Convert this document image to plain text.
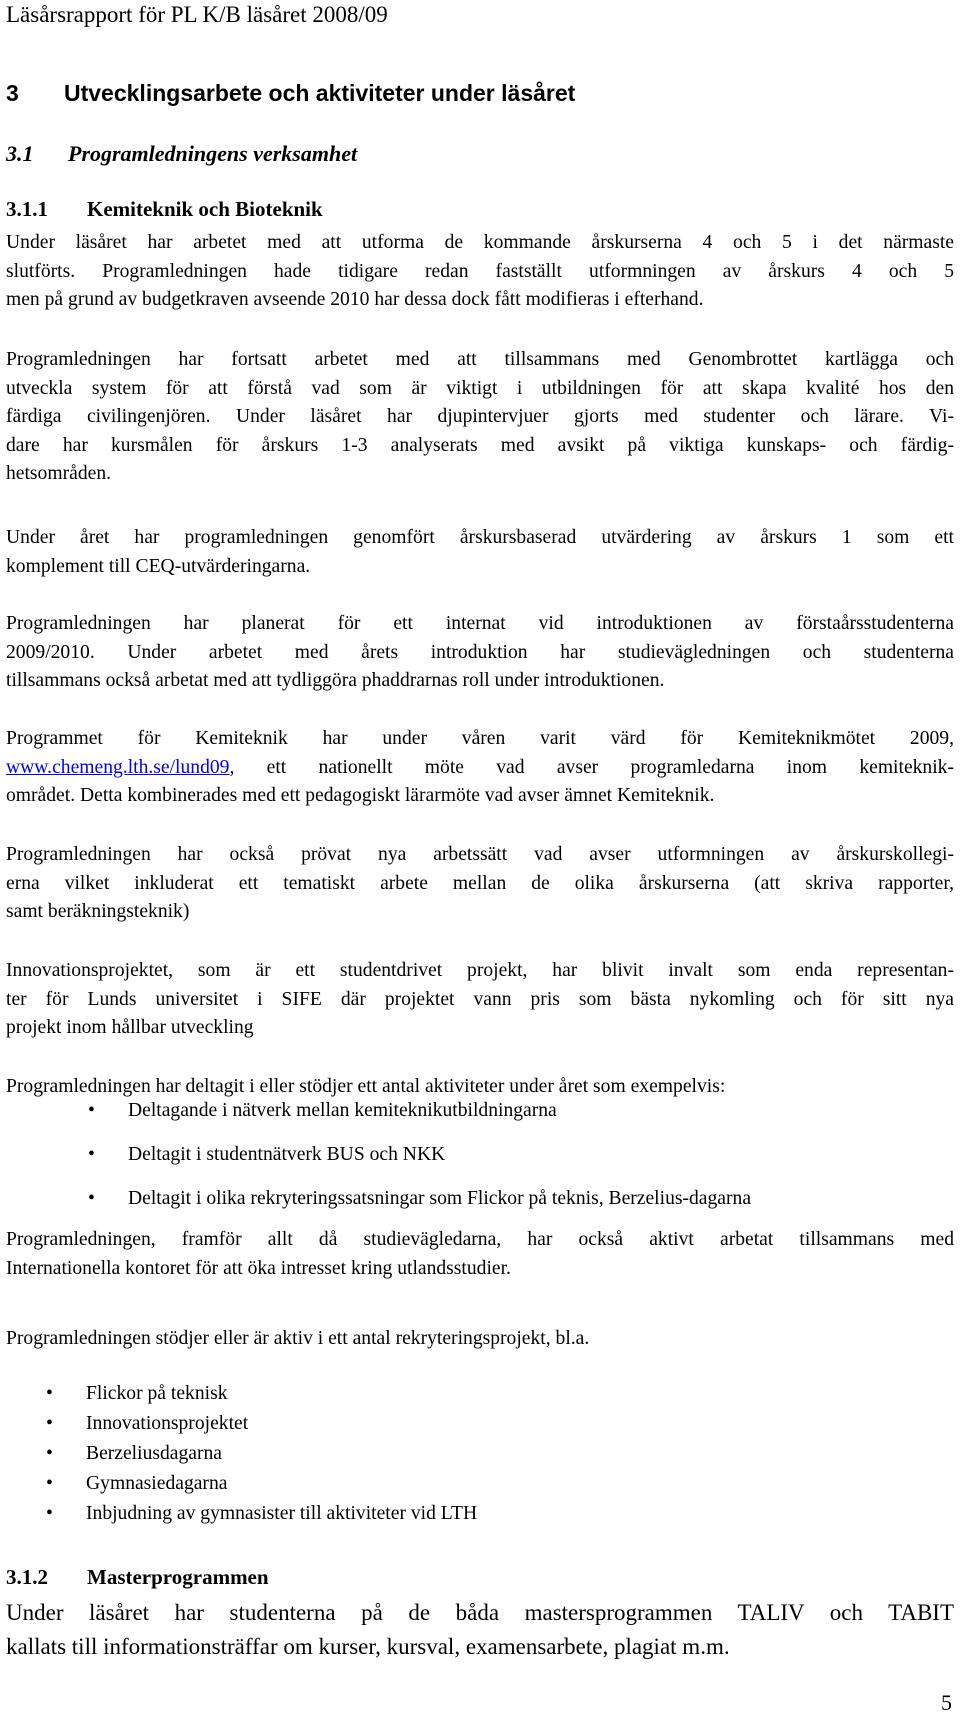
Läsårsrapport för PL K/B läsåret 2008/09
3 Utvecklingsarbete och aktiviteter under läsåret
3.1 Programledningens verksamhet
3.1.1 Kemiteknik och Bioteknik
Under läsåret har arbetet med att utforma de kommande årskurserna 4 och 5 i det närmaste
slutförts. Programledningen hade tidigare redan fastställt utformningen av årskurs 4 och 5
men på grund av budgetkraven avseende 2010 har dessa dock fått modifieras i efterhand.
Programledningen har fortsatt arbetet med att tillsammans med Genombrottet kartlägga och
utveckla system för att förstå vad som är viktigt i utbildningen för att skapa kvalité hos den
färdiga civilingenjören. Under läsåret har djupintervjuer gjorts med studenter och lärare. Vi-
dare har kursmålen för årskurs 1-3 analyserats med avsikt på viktiga kunskaps- och färdig-
hetsområden.
Under året har programledningen genomfört årskursbaserad utvärdering av årskurs 1 som ett
komplement till CEQ-utvärderingarna.
Programledningen har planerat för ett internat vid introduktionen av förstaårsstudenterna
2009/2010. Under arbetet med årets introduktion har studievägledningen och studenterna
tillsammans också arbetat med att tydliggöra phaddrarnas roll under introduktionen.
Programmet för Kemiteknik har under våren varit värd för Kemiteknikmötet 2009,
www.chemeng.lth.se/lund09, ett nationellt möte vad avser programledarna inom kemiteknik-
området. Detta kombinerades med ett pedagogiskt lärarmöte vad avser ämnet Kemiteknik.
Programledningen har också prövat nya arbetssätt vad avser utformningen av årskurskollegi-
erna vilket inkluderat ett tematiskt arbete mellan de olika årskurserna (att skriva rapporter,
samt beräkningsteknik)
Innovationsprojektet, som är ett studentdrivet projekt, har blivit invalt som enda representan-
ter för Lunds universitet i SIFE där projektet vann pris som bästa nykomling och för sitt nya
projekt inom hållbar utveckling
Programledningen har deltagit i eller stödjer ett antal aktiviteter under året som exempelvis:
• Deltagande i nätverk mellan kemiteknikutbildningarna
• Deltagit i studentnätverk BUS och NKK
• Deltagit i olika rekryteringssatsningar som Flickor på teknis, Berzelius-dagarna
Programledningen, framför allt då studievägledarna, har också aktivt arbetat tillsammans med
Internationella kontoret för att öka intresset kring utlandsstudier.
Programledningen stödjer eller är aktiv i ett antal rekryteringsprojekt, bl.a.
• Flickor på teknisk
• Innovationsprojektet
• Berzeliusdagarna
• Gymnasiedagarna
• Inbjudning av gymnasister till aktiviteter vid LTH
3.1.2 Masterprogrammen
Under läsåret har studenterna på de båda mastersprogrammen TALIV och TABIT
kallats till informationsträffar om kurser, kursval, examensarbete, plagiat m.m.
5
